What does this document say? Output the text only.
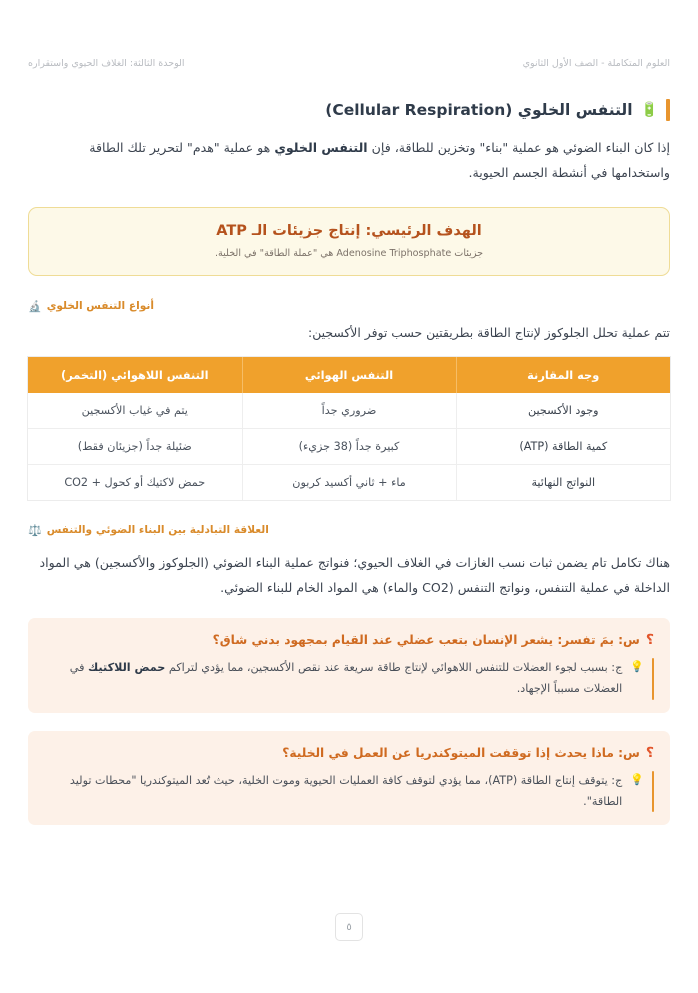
العلوم المتكاملة - الصف الأول الثانوي
الوحدة الثالثة: الغلاف الحيوي واستقراره
🔋
التنفس الخلوي (Cellular Respiration)
إذا كان البناء الضوئي هو عملية "بناء" وتخزين للطاقة، فإن التنفس الخلوي هو عملية "هدم" لتحرير تلك الطاقة واستخدامها في أنشطة الجسم الحيوية.
الهدف الرئيسي: إنتاج جزيئات الـ ATP
جزيئات Adenosine Triphosphate هي "عملة الطاقة" في الخلية.
🔬 أنواع التنفس الخلوي
تتم عملية تحلل الجلوكوز لإنتاج الطاقة بطريقتين حسب توفر الأكسجين:
وجه المقارنة	التنفس الهوائي	التنفس اللاهوائي (التخمر)
وجود الأكسجين	ضروري جداً	يتم في غياب الأكسجين
كمية الطاقة (ATP)	كبيرة جداً (38 جزيء)	ضئيلة جداً (جزيئان فقط)
النواتج النهائية	ماء + ثاني أكسيد كربون	حمض لاكتيك أو كحول + CO2
⚖️ العلاقة التبادلية بين البناء الضوئي والتنفس
هناك تكامل تام يضمن ثبات نسب الغازات في الغلاف الحيوي؛ فنواتج عملية البناء الضوئي (الجلوكوز والأكسجين) هي المواد الداخلة في عملية التنفس، ونواتج التنفس (CO2 والماء) هي المواد الخام للبناء الضوئي.
؟
س: بمَ تفسر: يشعر الإنسان بتعب عضلي عند القيام بمجهود بدني شاق؟
💡
ج: بسبب لجوء العضلات للتنفس اللاهوائي لإنتاج طاقة سريعة عند نقص الأكسجين، مما يؤدي لتراكم حمض اللاكتيك في العضلات مسبباً الإجهاد.
؟
س: ماذا يحدث إذا توقفت الميتوكندريا عن العمل في الخلية؟
💡
ج: يتوقف إنتاج الطاقة (ATP)، مما يؤدي لتوقف كافة العمليات الحيوية وموت الخلية، حيث تُعد الميتوكندريا "محطات توليد الطاقة".
٥
